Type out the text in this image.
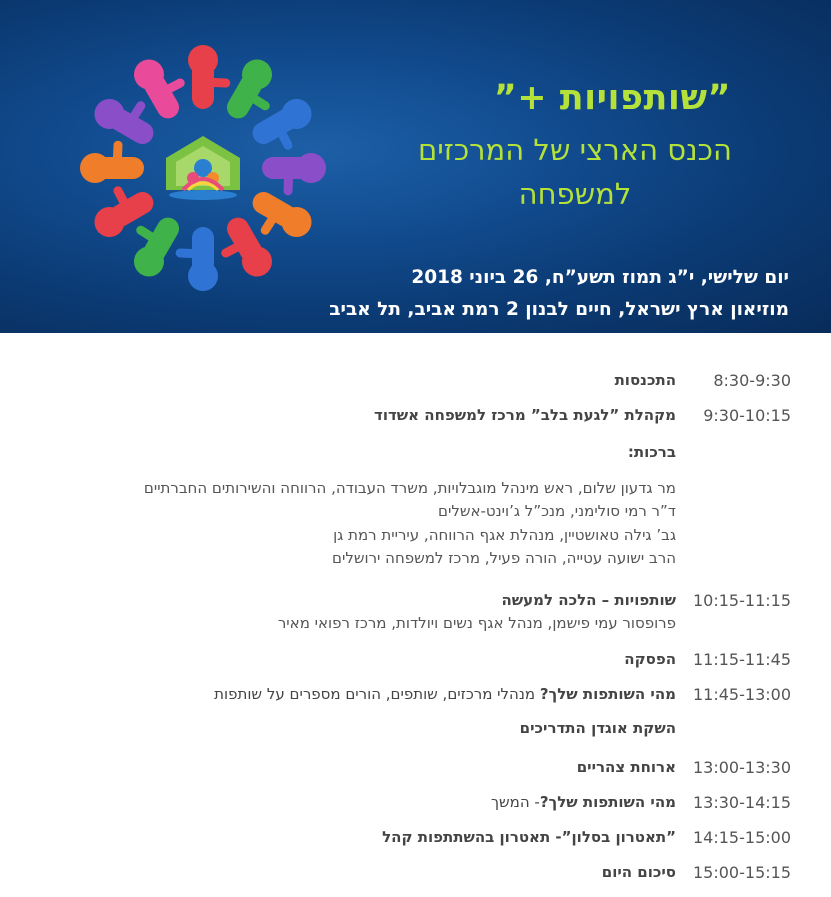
”שותפויות +”
הכנס הארצי של המרכזים
למשפחה
יום שלישי, י”ג תמוז תשע”ח, 26 ביוני 2018
מוזיאון ארץ ישראל, חיים לבנון 2 רמת אביב, תל אביב
8:30-9:30
התכנסות
9:30-10:15
מקהלת ”לגעת בלב” מרכז למשפחה אשדוד
ברכות:
מר גדעון שלום, ראש מינהל מוגבלויות, משרד העבודה, הרווחה והשירותים החברתיים
ד”ר רמי סולימני, מנכ”ל ג’וינט-אשלים
גב’ גילה טאושטיין, מנהלת אגף הרווחה, עיריית רמת גן
הרב ישועה עטייה, הורה פעיל, מרכז למשפחה ירושלים
10:15-11:15
שותפויות – הלכה למעשה
פרופסור עמי פישמן, מנהל אגף נשים ויולדות, מרכז רפואי מאיר
11:15-11:45
הפסקה
11:45-13:00
מהי השותפות שלך? מנהלי מרכזים, שותפים, הורים מספרים על שותפות
השקת אוגדן התדריכים
13:00-13:30
ארוחת צהריים
13:30-14:15
מהי השותפות שלך?- המשך
14:15-15:00
”תאטרון בסלון”- תאטרון בהשתתפות קהל
15:00-15:15
סיכום היום
